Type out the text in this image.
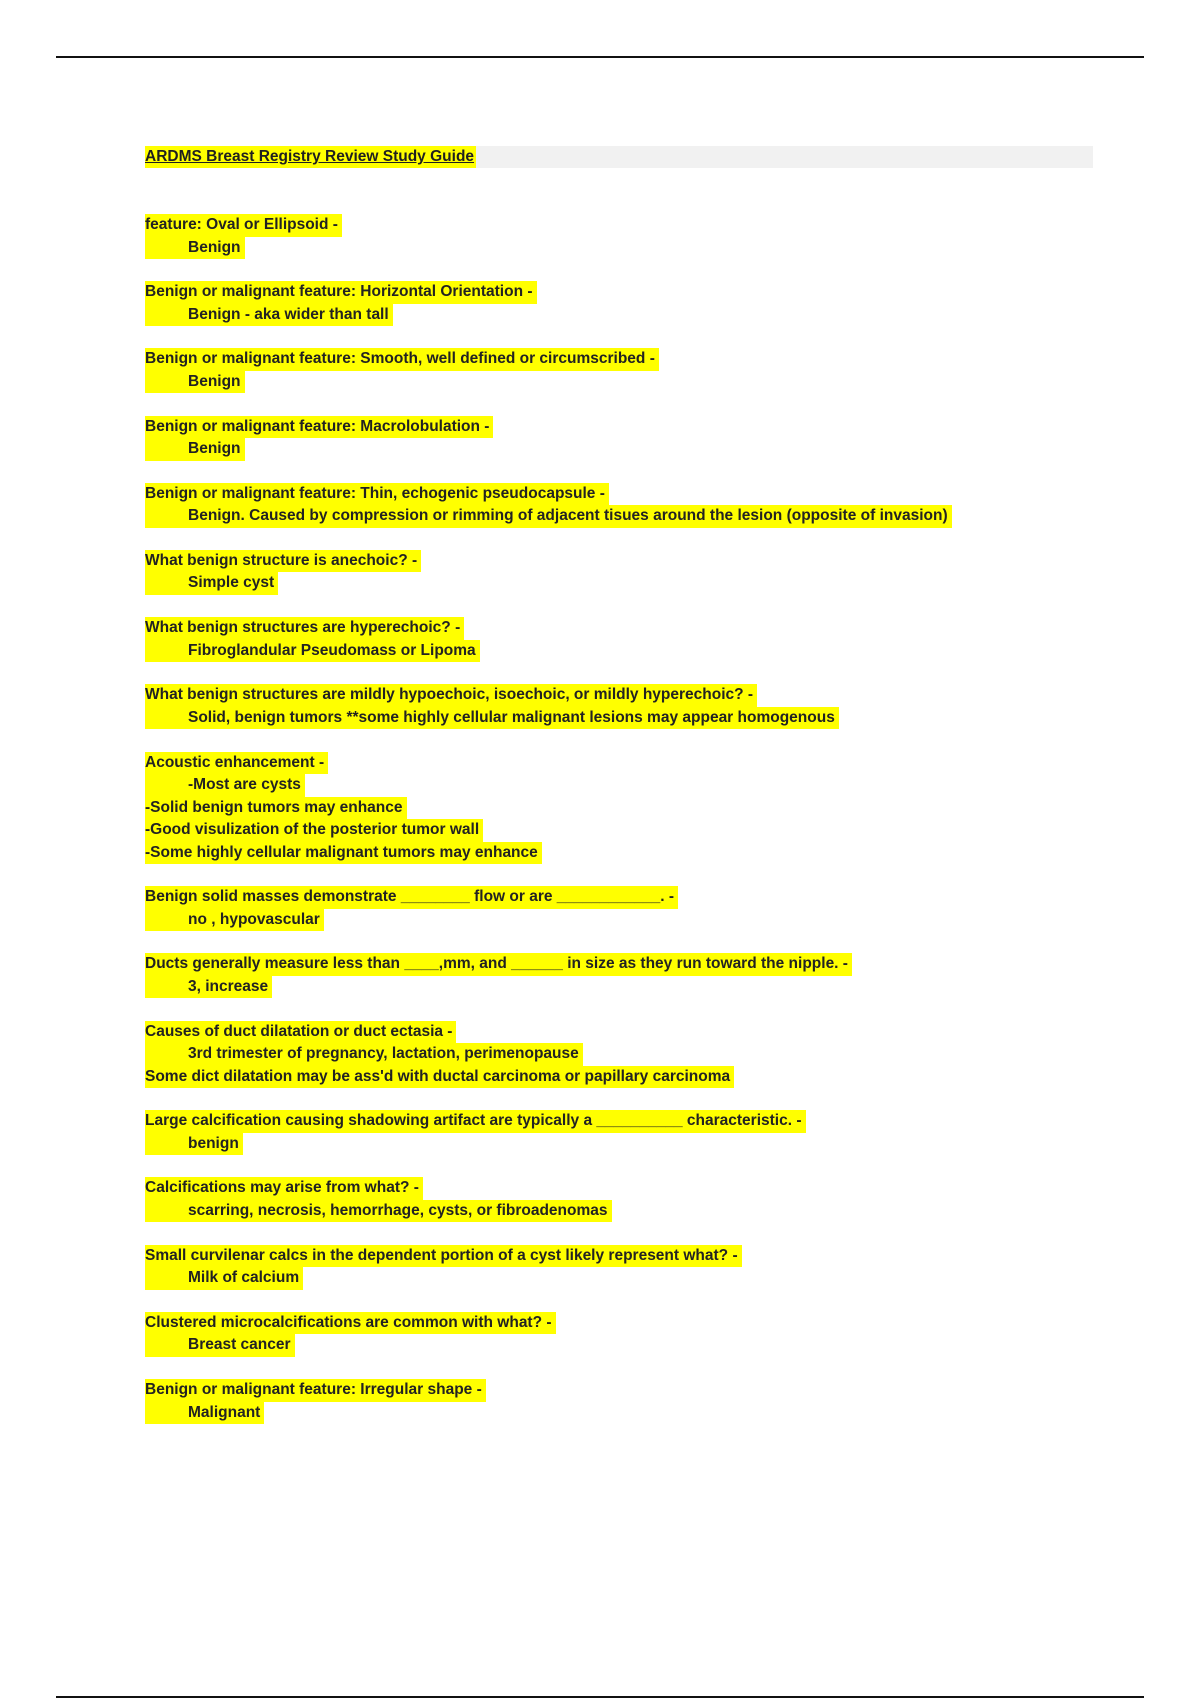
ARDMS Breast Registry Review Study Guide
feature: Oval or Ellipsoid -
Benign
Benign or malignant feature: Horizontal Orientation -
Benign - aka wider than tall
Benign or malignant feature: Smooth, well defined or circumscribed -
Benign
Benign or malignant feature: Macrolobulation -
Benign
Benign or malignant feature: Thin, echogenic pseudocapsule -
Benign. Caused by compression or rimming of adjacent tisues around the lesion (opposite of invasion)
What benign structure is anechoic? -
Simple cyst
What benign structures are hyperechoic? -
Fibroglandular Pseudomass or Lipoma
What benign structures are mildly hypoechoic, isoechoic, or mildly hyperechoic? -
Solid, benign tumors **some highly cellular malignant lesions may appear homogenous
Acoustic enhancement -
-Most are cysts
-Solid benign tumors may enhance
-Good visulization of the posterior tumor wall
-Some highly cellular malignant tumors may enhance
Benign solid masses demonstrate ________ flow or are ____________. -
no , hypovascular
Ducts generally measure less than ____,mm, and ______ in size as they run toward the nipple. -
3, increase
Causes of duct dilatation or duct ectasia -
3rd trimester of pregnancy, lactation, perimenopause
Some dict dilatation may be ass'd with ductal carcinoma or papillary carcinoma
Large calcification causing shadowing artifact are typically a __________ characteristic. -
benign
Calcifications may arise from what? -
scarring, necrosis, hemorrhage, cysts, or fibroadenomas
Small curvilenar calcs in the dependent portion of a cyst likely represent what? -
Milk of calcium
Clustered microcalcifications are common with what? -
Breast cancer
Benign or malignant feature: Irregular shape -
Malignant
